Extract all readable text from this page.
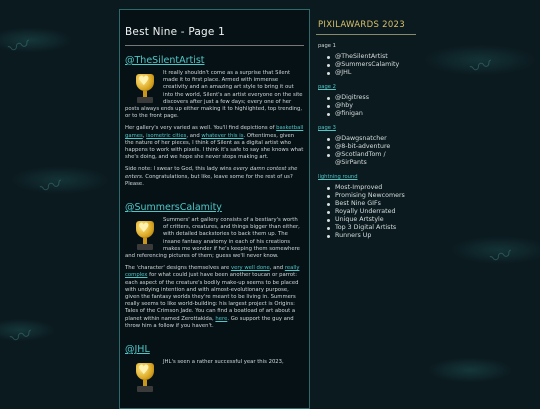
〰
〰
〰
〰
〰
Best Nine - Page 1
@TheSilentArtist
♥

It really shouldn't come as a surprise that Silent made it to first place. Armed with immense creativity and an amazing art style to bring it out into the world, Silent's an artist everyone on the site discovers after just a few days; every one of her posts always ends up either making it to highlighted, top trending, or to the front page.

Her gallery's very varied as well. You'll find depictions of basketball games, isometric cities, and whatever this is. Oftentimes, given the nature of her pieces, I think of Silent as a digital artist who happens to work with pixels. I think it's safe to say she knows what she's doing, and we hope she never stops making art.

Side note: I swear to God, this lady wins every damn contest she enters. Congratulations, but like, leave some for the rest of us? Please.

@SummersCalamity
♥

Summers' art gallery consists of a bestiary's worth of critters, creatures, and things bigger than either, with detailed backstories to back them up. The insane fantasy anatomy in each of his creations makes me wonder if he's keeping them somewhere and referencing pictures of them; guess we'll never know.

The 'character' designs themselves are very well done, and really complex for what could just have been another toucan or parrot: each aspect of the creature's bodily make-up seems to be placed with undying intention and with almost-evolutionary purpose, given the fantasy worlds they're meant to be living in. Summers really seems to like world-building: his largest project is Origins: Tales of the Crimson Jade. You can find a boatload of art about a planet within named Zerottakida, here. Go support the guy and throw him a follow if you haven't.

@JHL
♥

JHL's seen a rather successful year this 2023,

PIXILAWARDS 2023
page 1
@TheSilentArtist
@SummersCalamity
@JHL
page 2
@Digitress
@hby
@finigan
page 3
@Dawgsnatcher
@8-bit-adventure
@ScotlandTom / @SirPants
lightning round
Most-Improved
Promising Newcomers
Best Nine GIFs
Royally Underrated
Unique Artstyle
Top 3 Digital Artists
Runners Up
